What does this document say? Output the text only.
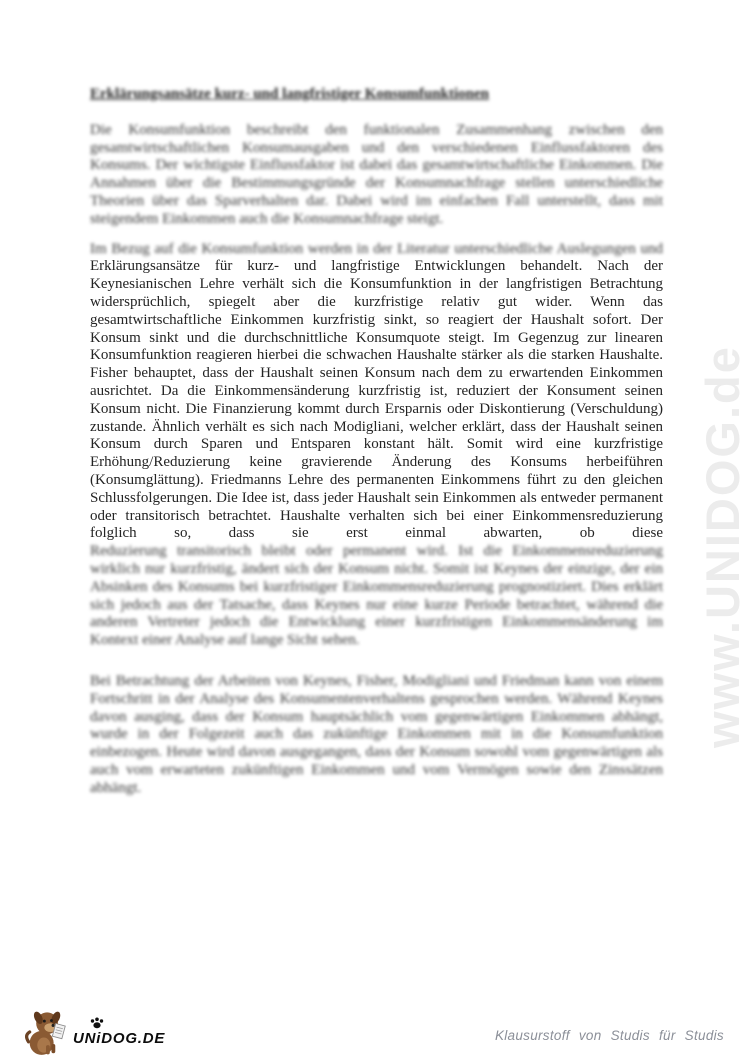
www.UNIDOG.de
Erklärungsansätze kurz- und langfristiger Konsumfunktionen

Die Konsumfunktion beschreibt den funktionalen Zusammenhang zwischen den gesamtwirtschaftlichen Konsumausgaben und den verschiedenen Einflussfaktoren des Konsums. Der wichtigste Einflussfaktor ist dabei das gesamtwirtschaftliche Einkommen. Die Annahmen über die Bestimmungsgründe der Konsumnachfrage stellen unterschiedliche Theorien über das Sparverhalten dar. Dabei wird im einfachen Fall unterstellt, dass mit steigendem Einkommen auch die Konsumnachfrage steigt.

Im Bezug auf die Konsumfunktion werden in der Literatur unterschiedliche Auslegungen und
Erklärungsansätze für kurz- und langfristige Entwicklungen behandelt. Nach der Keynesianischen Lehre verhält sich die Konsumfunktion in der langfristigen Betrachtung widersprüchlich, spiegelt aber die kurzfristige relativ gut wider. Wenn das gesamtwirtschaftliche Einkommen kurzfristig sinkt, so reagiert der Haushalt sofort. Der Konsum sinkt und die durchschnittliche Konsumquote steigt. Im Gegenzug zur linearen Konsumfunktion reagieren hierbei die schwachen Haushalte stärker als die starken Haushalte. Fisher behauptet, dass der Haushalt seinen Konsum nach dem zu erwartenden Einkommen ausrichtet. Da die Einkommensänderung kurzfristig ist, reduziert der Konsument seinen Konsum nicht. Die Finanzierung kommt durch Ersparnis oder Diskontierung (Verschuldung) zustande. Ähnlich verhält es sich nach Modigliani, welcher erklärt, dass der Haushalt seinen Konsum durch Sparen und Entsparen konstant hält. Somit wird eine kurzfristige Erhöhung/Reduzierung keine gravierende Änderung des Konsums herbeiführen (Konsumglättung). Friedmanns Lehre des permanenten Einkommens führt zu den gleichen Schlussfolgerungen. Die Idee ist, dass jeder Haushalt sein Einkommen als entweder permanent oder transitorisch betrachtet. Haushalte verhalten sich bei einer Einkommensreduzierung folglich so, dass sie erst einmal abwarten, ob diese
Reduzierung transitorisch bleibt oder permanent wird. Ist die Einkommensreduzierung wirklich nur kurzfristig, ändert sich der Konsum nicht. Somit ist Keynes der einzige, der ein Absinken des Konsums bei kurzfristiger Einkommensreduzierung prognostiziert. Dies erklärt sich jedoch aus der Tatsache, dass Keynes nur eine kurze Periode betrachtet, während die anderen Vertreter jedoch die Entwicklung einer kurzfristigen Einkommensänderung im Kontext einer Analyse auf lange Sicht sehen.

Bei Betrachtung der Arbeiten von Keynes, Fisher, Modigliani und Friedman kann von einem Fortschritt in der Analyse des Konsumentenverhaltens gesprochen werden. Während Keynes davon ausging, dass der Konsum hauptsächlich vom gegenwärtigen Einkommen abhängt, wurde in der Folgezeit auch das zukünftige Einkommen mit in die Konsumfunktion einbezogen. Heute wird davon ausgegangen, dass der Konsum sowohl vom gegenwärtigen als auch vom erwarteten zukünftigen Einkommen und vom Vermögen sowie den Zinssätzen abhängt.

UNiDOG.DE	Klausurstoff von Studis für Studis
